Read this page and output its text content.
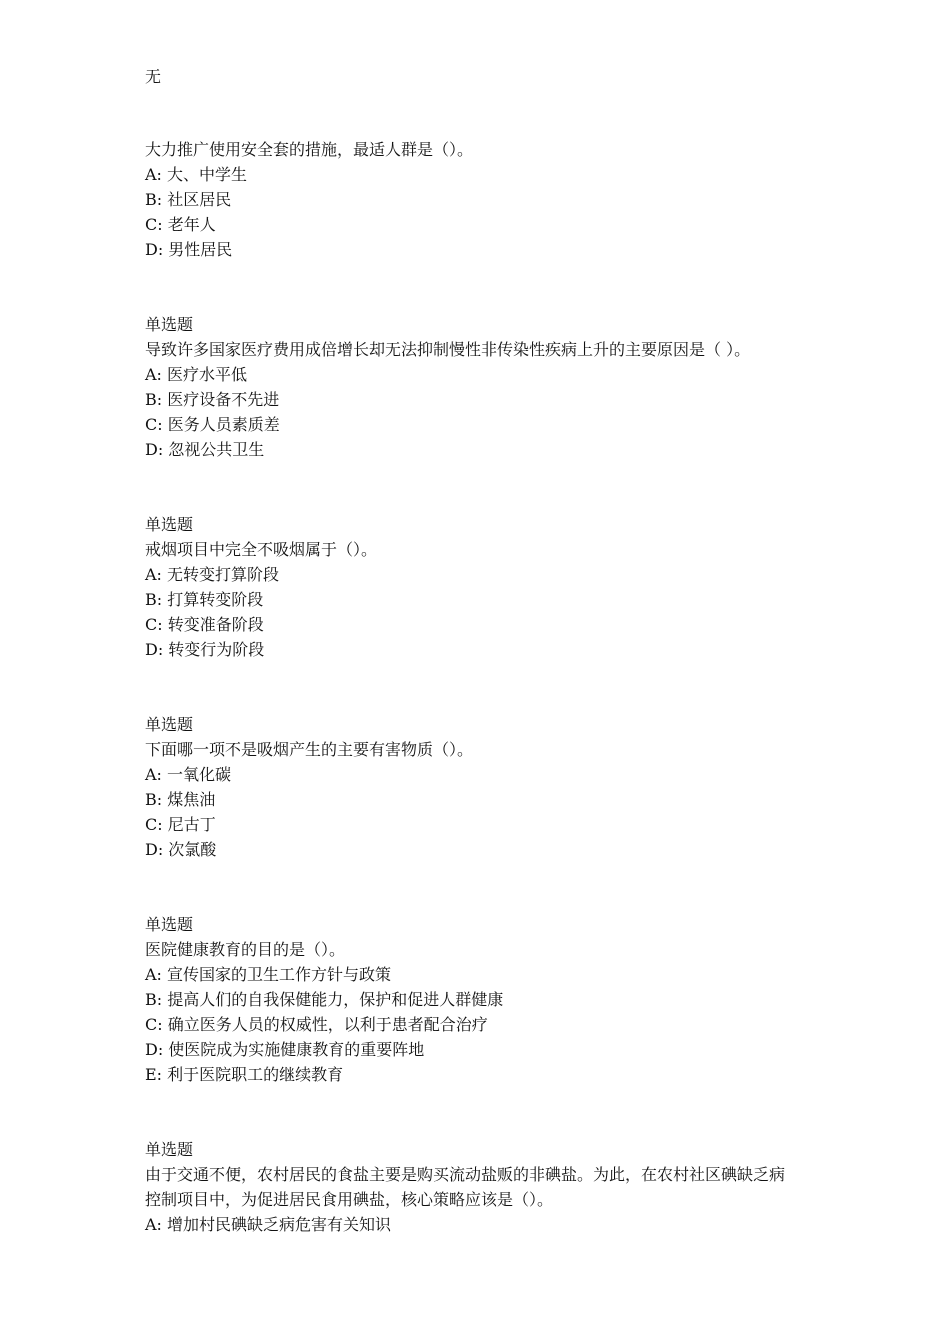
无
大力推广使用安全套的措施，最适人群是（）。
A: 大、中学生
B: 社区居民
C: 老年人
D: 男性居民
单选题
导致许多国家医疗费用成倍增长却无法抑制慢性非传染性疾病上升的主要原因是（ ）。
A: 医疗水平低
B: 医疗设备不先进
C: 医务人员素质差
D: 忽视公共卫生
单选题
戒烟项目中完全不吸烟属于（）。
A: 无转变打算阶段
B: 打算转变阶段
C: 转变准备阶段
D: 转变行为阶段
单选题
下面哪一项不是吸烟产生的主要有害物质（）。
A: 一氧化碳
B: 煤焦油
C: 尼古丁
D: 次氯酸
单选题
医院健康教育的目的是（）。
A: 宣传国家的卫生工作方针与政策
B: 提高人们的自我保健能力，保护和促进人群健康
C: 确立医务人员的权威性，以利于患者配合治疗
D: 使医院成为实施健康教育的重要阵地
E: 利于医院职工的继续教育
单选题
由于交通不便，农村居民的食盐主要是购买流动盐贩的非碘盐。为此，在农村社区碘缺乏病
控制项目中，为促进居民食用碘盐，核心策略应该是（）。
A: 增加村民碘缺乏病危害有关知识
